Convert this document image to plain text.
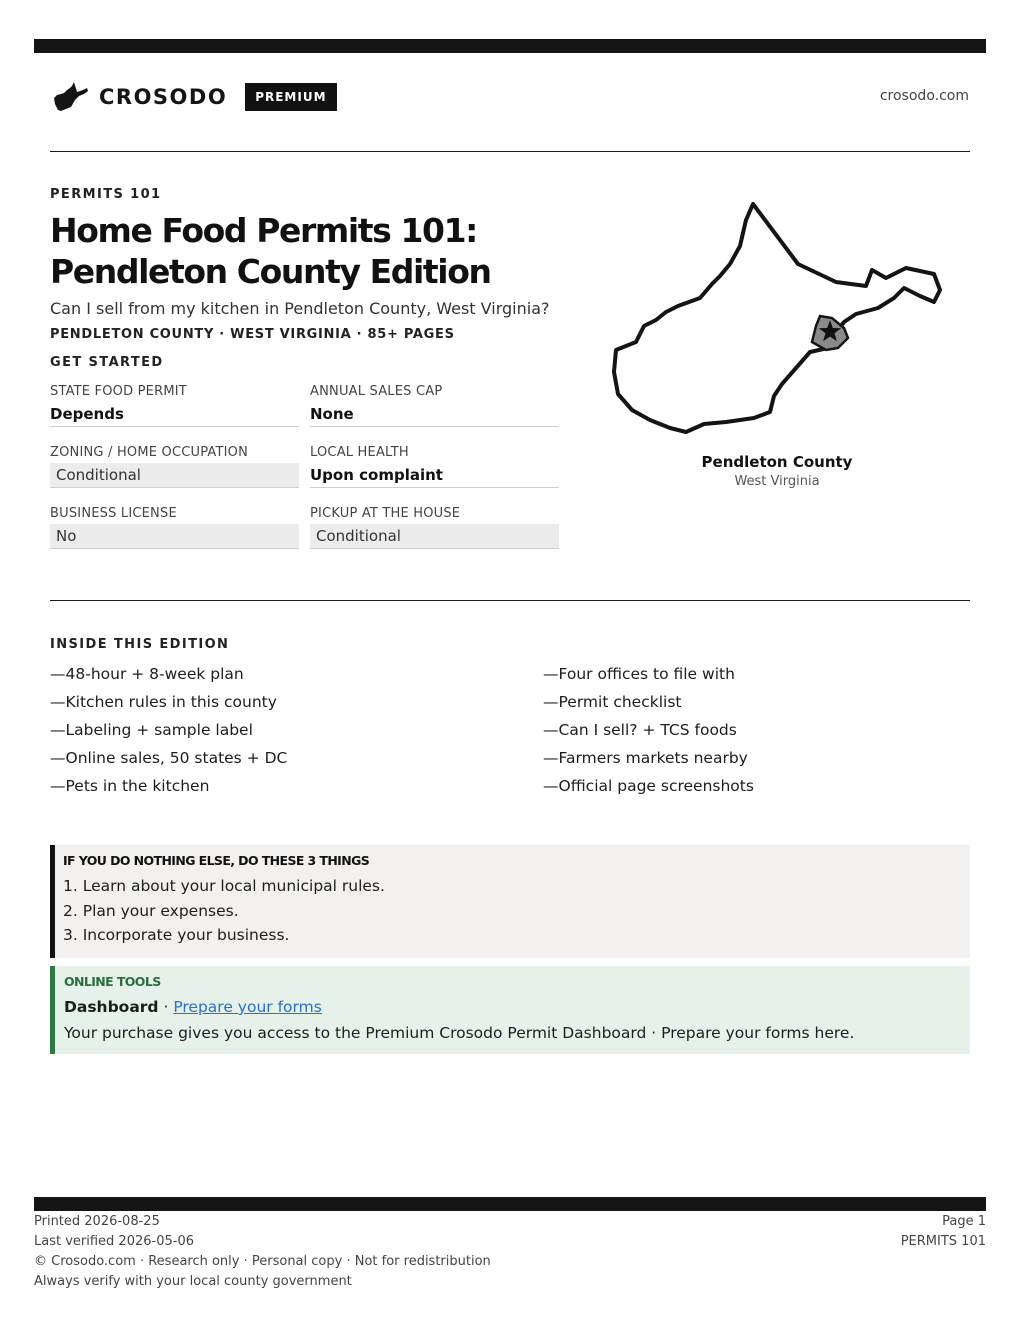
CROSODO	PREMIUM	crosodo.com
PERMITS 101
Home Food Permits 101: Pendleton County Edition

Can I sell from my kitchen in Pendleton County, West Virginia?

PENDLETON COUNTY · WEST VIRGINIA · 85+ PAGES

GET STARTED
STATE FOOD PERMIT
Depends
ANNUAL SALES CAP
None
ZONING / HOME OCCUPATION
Conditional
LOCAL HEALTH
Upon complaint
BUSINESS LICENSE
No
PICKUP AT THE HOUSE
Conditional
Pendleton County
West Virginia
INSIDE THIS EDITION
—48-hour + 8-week plan
—Kitchen rules in this county
—Labeling + sample label
—Online sales, 50 states + DC
—Pets in the kitchen
—Four offices to file with
—Permit checklist
—Can I sell? + TCS foods
—Farmers markets nearby
—Official page screenshots
IF YOU DO NOTHING ELSE, DO THESE 3 THINGS
1. Learn about your local municipal rules.
2. Plan your expenses.
3. Incorporate your business.
ONLINE TOOLS
Dashboard · Prepare your forms
Your purchase gives you access to the Premium Crosodo Permit Dashboard · Prepare your forms here.
Printed 2026-08-25
Last verified 2026-05-06
© Crosodo.com · Research only · Personal copy · Not for redistribution
Always verify with your local county government
Page 1
PERMITS 101
